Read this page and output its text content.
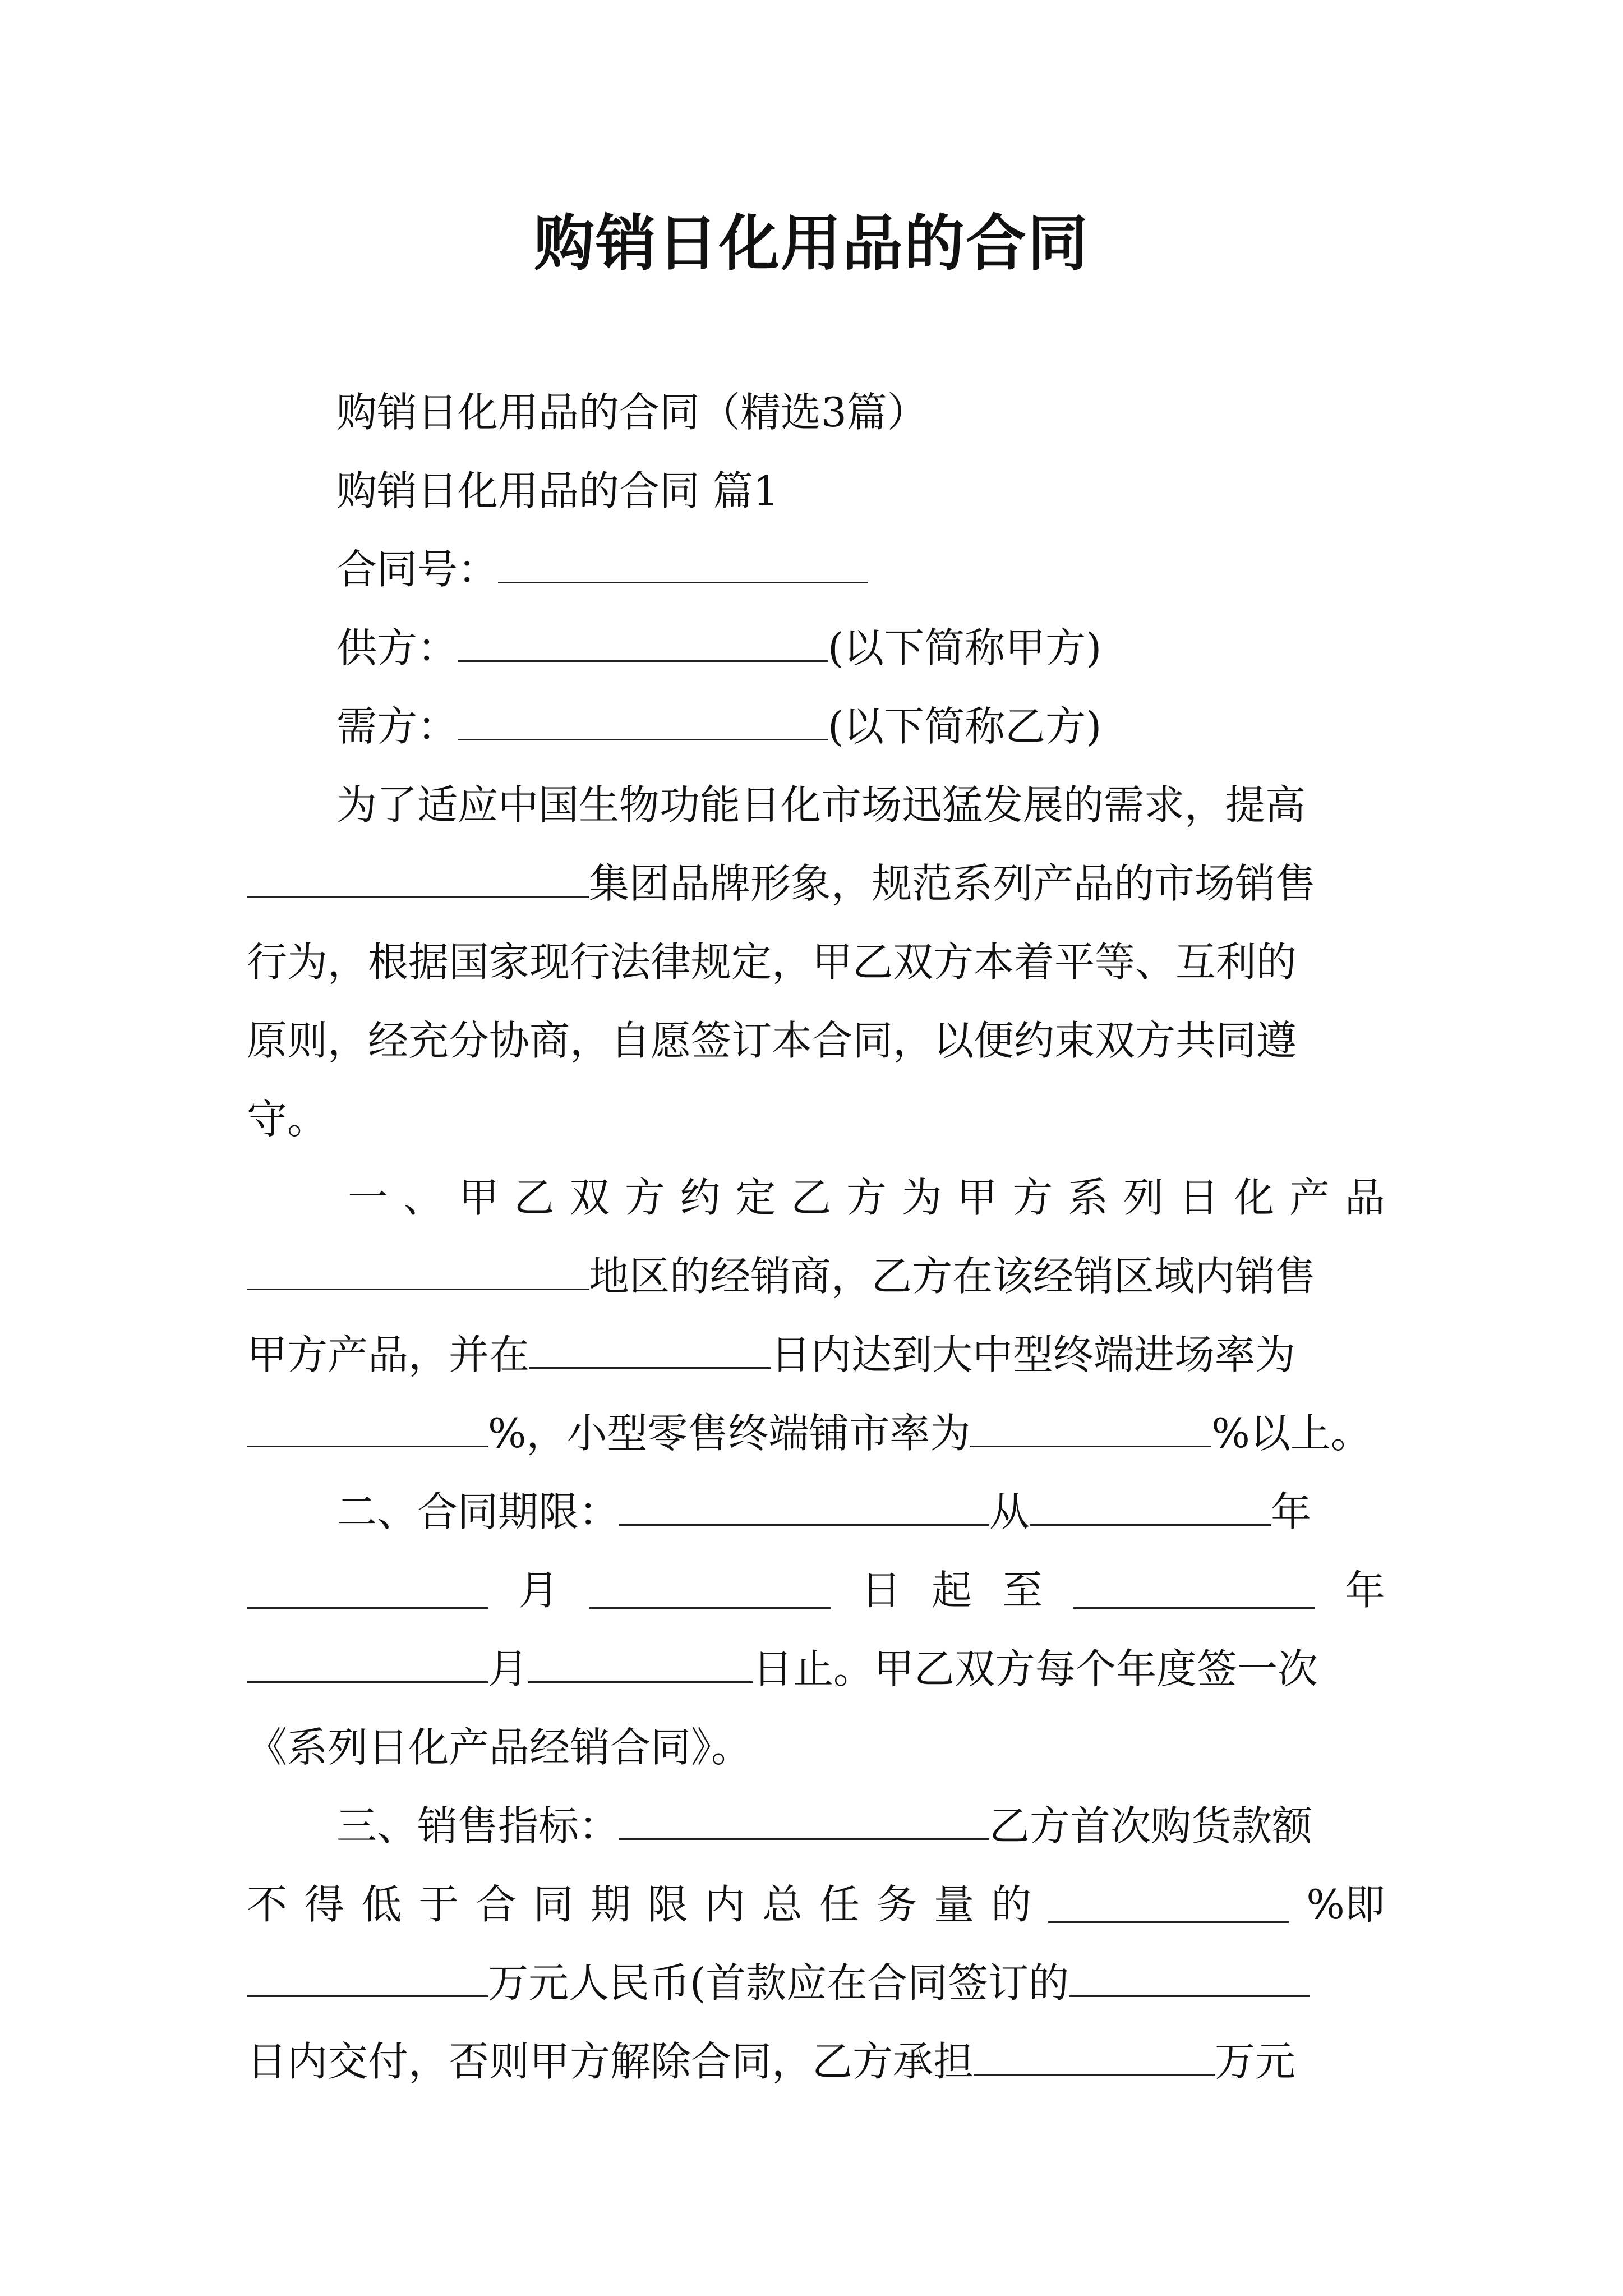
购销日化用品的合同
购销日化用品的合同（精选3篇）
购销日化用品的合同 篇1
合同号：
供方：	(以下简称甲方)
需方：	(以下简称乙方)
为了适应中国生物功能日化市场迅猛发展的需求，提高
集团品牌形象，规范系列产品的市场销售
行为，根据国家现行法律规定，甲乙双方本着平等、互利的
原则，经充分协商，自愿签订本合同，以便约束双方共同遵
守。
一 、 甲 乙 双 方 约 定 乙 方 为 甲 方 系 列 日 化 产 品
地区的经销商，乙方在该经销区域内销售
甲方产品，并在	日内达到大中型终端进场率为
%，小型零售终端铺市率为	%以上。
二、合同期限：	从	年
月	日 起 至	年
月	日止。甲乙双方每个年度签一次
《系列日化产品经销合同》。
三、销售指标：	乙方首次购货款额
不 得 低 于 合 同 期 限 内 总 任 务 量 的	%即
万元人民币(首款应在合同签订的
日内交付，否则甲方解除合同，乙方承担	万元
